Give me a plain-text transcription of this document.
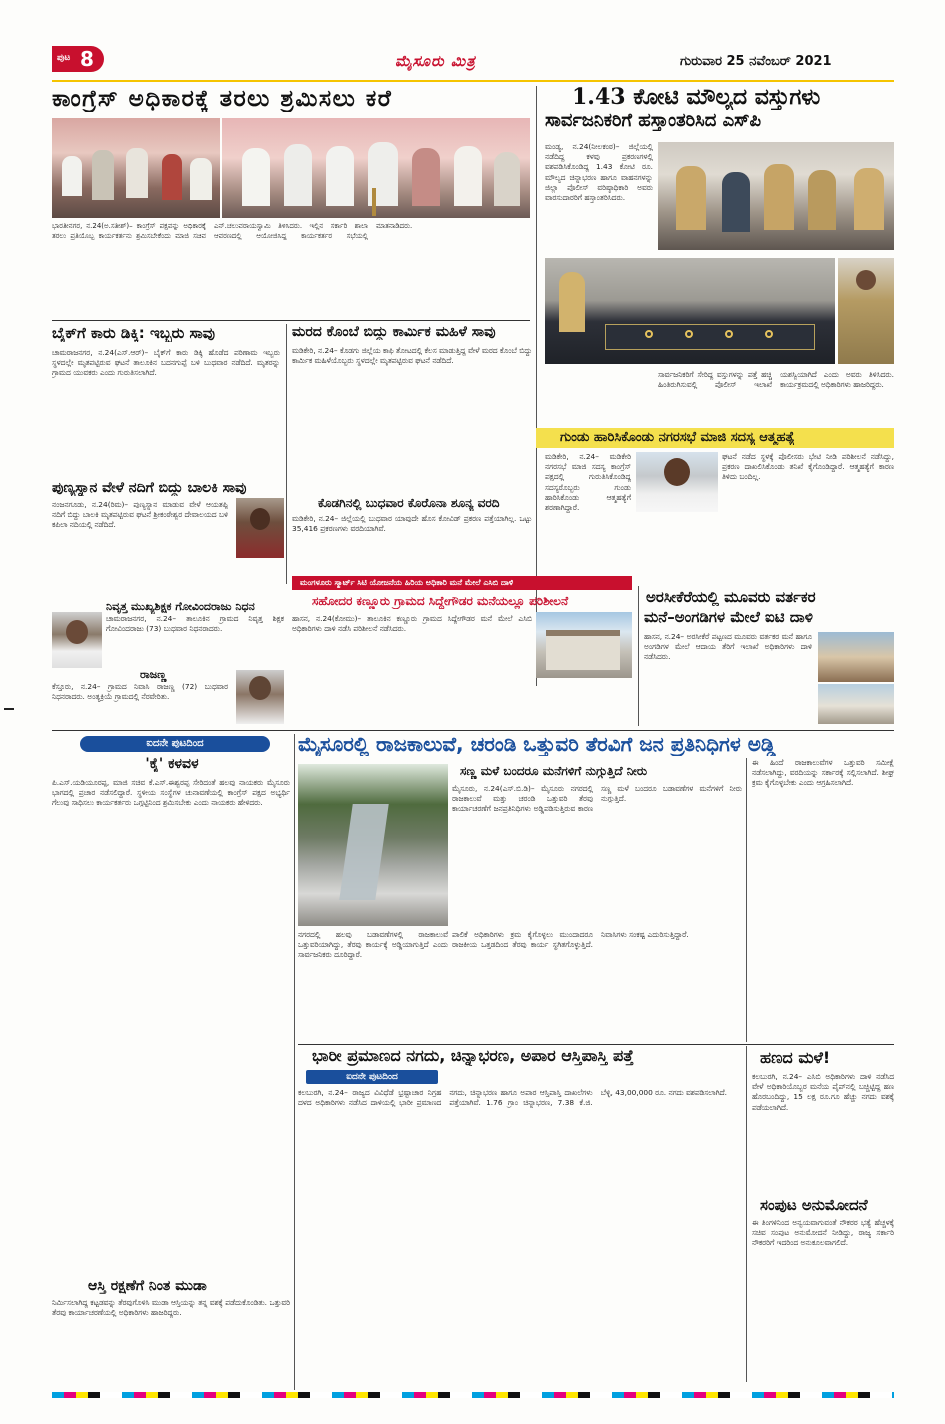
ಪುಟ 8	ಮೈಸೂರು ಮಿತ್ರ	ಗುರುವಾರ 25 ನವೆಂಬರ್ 2021
ಕಾಂಗ್ರೆಸ್ ಅಧಿಕಾರಕ್ಕೆ ತರಲು ಶ್ರಮಿಸಲು ಕರೆ
ಭಾರತೀನಗರ, ನ.24(ಅ.ಸತೀಶ್)– ಕಾಂಗ್ರೆಸ್ ಪಕ್ಷವನ್ನು ಅಧಿಕಾರಕ್ಕೆ ತರಲು ಪ್ರತಿಯೊಬ್ಬ ಕಾರ್ಯಕರ್ತನು ಶ್ರಮಿಸಬೇಕೆಂದು ಮಾಜಿ ಸಚಿವ ಎನ್.ಚಲುವರಾಯಸ್ವಾಮಿ ತಿಳಿಸಿದರು. ಇಲ್ಲಿನ ಸರ್ಕಾರಿ ಶಾಲಾ ಆವರಣದಲ್ಲಿ ಆಯೋಜಿಸಿದ್ದ ಕಾರ್ಯಕರ್ತರ ಸಭೆಯಲ್ಲಿ ಮಾತನಾಡಿದರು.
1.43 ಕೋಟಿ ಮೌಲ್ಯದ ವಸ್ತುಗಳು
ಸಾರ್ವಜನಿಕರಿಗೆ ಹಸ್ತಾಂತರಿಸಿದ ಎಸ್‌ಪಿ
ಮಂಡ್ಯ, ನ.24(ನೀಲಕಂಠ)– ಜಿಲ್ಲೆಯಲ್ಲಿ ನಡೆದಿದ್ದ ಕಳವು ಪ್ರಕರಣಗಳಲ್ಲಿ ವಶಪಡಿಸಿಕೊಂಡಿದ್ದ 1.43 ಕೋಟಿ ರೂ. ಮೌಲ್ಯದ ಚಿನ್ನಾಭರಣ ಹಾಗೂ ವಾಹನಗಳನ್ನು ಜಿಲ್ಲಾ ಪೊಲೀಸ್ ವರಿಷ್ಠಾಧಿಕಾರಿ ಅವರು ವಾರಸುದಾರರಿಗೆ ಹಸ್ತಾಂತರಿಸಿದರು.
ಸಾರ್ವಜನಿಕರಿಗೆ ಸೇರಿದ್ದ ವಸ್ತುಗಳನ್ನು ಪತ್ತೆ ಹಚ್ಚಿ ಹಿಂತಿರುಗಿಸುವಲ್ಲಿ ಪೊಲೀಸ್ ಇಲಾಖೆ ಯಶಸ್ವಿಯಾಗಿದೆ ಎಂದು ಅವರು ತಿಳಿಸಿದರು. ಕಾರ್ಯಕ್ರಮದಲ್ಲಿ ಅಧಿಕಾರಿಗಳು ಹಾಜರಿದ್ದರು.
ಬೈಕ್‌ಗೆ ಕಾರು ಡಿಕ್ಕಿ: ಇಬ್ಬರು ಸಾವು
ಚಾಮರಾಜನಗರ, ನ.24(ಎಸ್.ಆರ್)– ಬೈಕ್‌ಗೆ ಕಾರು ಡಿಕ್ಕಿ ಹೊಡೆದ ಪರಿಣಾಮ ಇಬ್ಬರು ಸ್ಥಳದಲ್ಲೇ ಮೃತಪಟ್ಟಿರುವ ಘಟನೆ ತಾಲೂಕಿನ ಬದನಗುಪ್ಪೆ ಬಳಿ ಬುಧವಾರ ನಡೆದಿದೆ. ಮೃತರನ್ನು ಗ್ರಾಮದ ಯುವಕರು ಎಂದು ಗುರುತಿಸಲಾಗಿದೆ.
ಮರದ ಕೊಂಬೆ ಬಿದ್ದು ಕಾರ್ಮಿಕ ಮಹಿಳೆ ಸಾವು
ಮಡಿಕೇರಿ, ನ.24– ಕೊಡಗು ಜಿಲ್ಲೆಯ ಕಾಫಿ ತೋಟದಲ್ಲಿ ಕೆಲಸ ಮಾಡುತ್ತಿದ್ದ ವೇಳೆ ಮರದ ಕೊಂಬೆ ಬಿದ್ದು ಕಾರ್ಮಿಕ ಮಹಿಳೆಯೊಬ್ಬರು ಸ್ಥಳದಲ್ಲೇ ಮೃತಪಟ್ಟಿರುವ ಘಟನೆ ನಡೆದಿದೆ.
ಪುಣ್ಯಸ್ನಾನ ವೇಳೆ ನದಿಗೆ ಬಿದ್ದು ಬಾಲಕಿ ಸಾವು
ನಂಜನಗೂಡು, ನ.24(ರಿಮ)– ಪುಣ್ಯಸ್ನಾನ ಮಾಡುವ ವೇಳೆ ಆಯತಪ್ಪಿ ನದಿಗೆ ಬಿದ್ದು ಬಾಲಕಿ ಮೃತಪಟ್ಟಿರುವ ಘಟನೆ ಶ್ರೀಕಂಠೇಶ್ವರ ದೇವಾಲಯದ ಬಳಿ ಕಪಿಲಾ ನದಿಯಲ್ಲಿ ನಡೆದಿದೆ.
ಕೊಡಗಿನಲ್ಲಿ ಬುಧವಾರ ಕೊರೊನಾ ಶೂನ್ಯ ವರದಿ
ಮಡಿಕೇರಿ, ನ.24– ಜಿಲ್ಲೆಯಲ್ಲಿ ಬುಧವಾರ ಯಾವುದೇ ಹೊಸ ಕೋವಿಡ್ ಪ್ರಕರಣ ಪತ್ತೆಯಾಗಿಲ್ಲ. ಒಟ್ಟು 35,416 ಪ್ರಕರಣಗಳು ವರದಿಯಾಗಿವೆ.
ಗುಂಡು ಹಾರಿಸಿಕೊಂಡು ನಗರಸಭೆ ಮಾಜಿ ಸದಸ್ಯ ಆತ್ಮಹತ್ಯೆ
ಮಡಿಕೇರಿ, ನ.24– ಮಡಿಕೇರಿ ನಗರಸಭೆ ಮಾಜಿ ಸದಸ್ಯ ಕಾಂಗ್ರೆಸ್ ಪಕ್ಷದಲ್ಲಿ ಗುರುತಿಸಿಕೊಂಡಿದ್ದ ಸದಸ್ಯರೊಬ್ಬರು ಗುಂಡು ಹಾರಿಸಿಕೊಂಡು ಆತ್ಮಹತ್ಯೆಗೆ ಶರಣಾಗಿದ್ದಾರೆ.
ಘಟನೆ ನಡೆದ ಸ್ಥಳಕ್ಕೆ ಪೊಲೀಸರು ಭೇಟಿ ನೀಡಿ ಪರಿಶೀಲನೆ ನಡೆಸಿದ್ದು, ಪ್ರಕರಣ ದಾಖಲಿಸಿಕೊಂಡು ತನಿಖೆ ಕೈಗೊಂಡಿದ್ದಾರೆ. ಆತ್ಮಹತ್ಯೆಗೆ ಕಾರಣ ತಿಳಿದು ಬಂದಿಲ್ಲ.
ನಿವೃತ್ತ ಮುಖ್ಯಶಿಕ್ಷಕ ಗೋವಿಂದರಾಜು ನಿಧನ
ಚಾಮರಾಜನಗರ, ನ.24– ತಾಲೂಕಿನ ಗ್ರಾಮದ ನಿವೃತ್ತ ಶಿಕ್ಷಕ ಗೋವಿಂದರಾಜು (73) ಬುಧವಾರ ನಿಧನರಾದರು.
ರಾಜಣ್ಣ
ಕೆಸ್ತೂರು, ನ.24– ಗ್ರಾಮದ ನಿವಾಸಿ ರಾಜಣ್ಣ (72) ಬುಧವಾರ ನಿಧನರಾದರು. ಅಂತ್ಯಕ್ರಿಯೆ ಗ್ರಾಮದಲ್ಲಿ ನೆರವೇರಿತು.
ಮಂಗಳೂರು ಸ್ಮಾರ್ಟ್ ಸಿಟಿ ಯೋಜನೆಯ ಹಿರಿಯ ಅಧಿಕಾರಿ ಮನೆ ಮೇಲೆ ಎಸಿಬಿ ದಾಳಿ
ಸಹೋದರ ಕಣ್ಣೂರು ಗ್ರಾಮದ ಸಿದ್ದೇಗೌಡರ ಮನೆಯಲ್ಲೂ ಪರಿಶೀಲನೆ
ಹಾಸನ, ನ.24(ಕೋಮು)– ತಾಲೂಕಿನ ಕಣ್ಣೂರು ಗ್ರಾಮದ ಸಿದ್ದೇಗೌಡರ ಮನೆ ಮೇಲೆ ಎಸಿಬಿ ಅಧಿಕಾರಿಗಳು ದಾಳಿ ನಡೆಸಿ ಪರಿಶೀಲನೆ ನಡೆಸಿದರು.
ಅರಸೀಕೆರೆಯಲ್ಲಿ ಮೂವರು ವರ್ತಕರ
ಮನೆ–ಅಂಗಡಿಗಳ ಮೇಲೆ ಐಟಿ ದಾಳಿ
ಹಾಸನ, ನ.24– ಅರಸೀಕೆರೆ ಪಟ್ಟಣದ ಮೂವರು ವರ್ತಕರ ಮನೆ ಹಾಗೂ ಅಂಗಡಿಗಳ ಮೇಲೆ ಆದಾಯ ತೆರಿಗೆ ಇಲಾಖೆ ಅಧಿಕಾರಿಗಳು ದಾಳಿ ನಡೆಸಿದರು.
ಐದನೇ ಪುಟದಿಂದ
'ಕೈ' ಕಳವಳ
ಪಿ.ಎಸ್.ಯಡಿಯೂರಪ್ಪ, ಮಾಜಿ ಸಚಿವ ಕೆ.ಎಸ್.ಈಶ್ವರಪ್ಪ ಸೇರಿದಂತೆ ಹಲವು ನಾಯಕರು ಮೈಸೂರು ಭಾಗದಲ್ಲಿ ಪ್ರಚಾರ ನಡೆಸಲಿದ್ದಾರೆ. ಸ್ಥಳೀಯ ಸಂಸ್ಥೆಗಳ ಚುನಾವಣೆಯಲ್ಲಿ ಕಾಂಗ್ರೆಸ್ ಪಕ್ಷದ ಅಭ್ಯರ್ಥಿ ಗೆಲುವು ಸಾಧಿಸಲು ಕಾರ್ಯಕರ್ತರು ಒಗ್ಗಟ್ಟಿನಿಂದ ಶ್ರಮಿಸಬೇಕು ಎಂದು ನಾಯಕರು ಹೇಳಿದರು.
ಆಸ್ತಿ ರಕ್ಷಣೆಗೆ ನಿಂತ ಮುಡಾ
ನಿರ್ಮಿಸಲಾಗಿದ್ದ ಕಟ್ಟಡವನ್ನು ತೆರವುಗೊಳಿಸಿ ಮುಡಾ ಆಸ್ತಿಯನ್ನು ತನ್ನ ವಶಕ್ಕೆ ಪಡೆದುಕೊಂಡಿತು. ಒತ್ತುವರಿ ತೆರವು ಕಾರ್ಯಾಚರಣೆಯಲ್ಲಿ ಅಧಿಕಾರಿಗಳು ಹಾಜರಿದ್ದರು.
ಮೈಸೂರಲ್ಲಿ ರಾಜಕಾಲುವೆ, ಚರಂಡಿ ಒತ್ತುವರಿ ತೆರವಿಗೆ ಜನ ಪ್ರತಿನಿಧಿಗಳ ಅಡ್ಡಿ
ಸಣ್ಣ ಮಳೆ ಬಂದರೂ ಮನೆಗಳಿಗೆ ನುಗ್ಗುತ್ತಿದೆ ನೀರು
ಮೈಸೂರು, ನ.24(ಎಸ್.ಬಿ.ಡಿ)– ಮೈಸೂರು ನಗರದಲ್ಲಿ ರಾಜಕಾಲುವೆ ಮತ್ತು ಚರಂಡಿ ಒತ್ತುವರಿ ತೆರವು ಕಾರ್ಯಾಚರಣೆಗೆ ಜನಪ್ರತಿನಿಧಿಗಳು ಅಡ್ಡಿಪಡಿಸುತ್ತಿರುವ ಕಾರಣ ಸಣ್ಣ ಮಳೆ ಬಂದರೂ ಬಡಾವಣೆಗಳ ಮನೆಗಳಿಗೆ ನೀರು ನುಗ್ಗುತ್ತಿದೆ.
ನಗರದಲ್ಲಿ ಹಲವು ಬಡಾವಣೆಗಳಲ್ಲಿ ರಾಜಕಾಲುವೆ ಒತ್ತುವರಿಯಾಗಿದ್ದು, ತೆರವು ಕಾರ್ಯಕ್ಕೆ ಅಡ್ಡಿಯಾಗುತ್ತಿದೆ ಎಂದು ಸಾರ್ವಜನಿಕರು ದೂರಿದ್ದಾರೆ.
ಪಾಲಿಕೆ ಅಧಿಕಾರಿಗಳು ಕ್ರಮ ಕೈಗೊಳ್ಳಲು ಮುಂದಾದರೂ ರಾಜಕೀಯ ಒತ್ತಡದಿಂದ ತೆರವು ಕಾರ್ಯ ಸ್ಥಗಿತಗೊಳ್ಳುತ್ತಿದೆ. ನಿವಾಸಿಗಳು ಸಂಕಷ್ಟ ಎದುರಿಸುತ್ತಿದ್ದಾರೆ.
ಈ ಹಿಂದೆ ರಾಜಕಾಲುವೆಗಳ ಒತ್ತುವರಿ ಸಮೀಕ್ಷೆ ನಡೆಸಲಾಗಿದ್ದು, ವರದಿಯನ್ನು ಸರ್ಕಾರಕ್ಕೆ ಸಲ್ಲಿಸಲಾಗಿದೆ. ಶೀಘ್ರ ಕ್ರಮ ಕೈಗೊಳ್ಳಬೇಕು ಎಂದು ಆಗ್ರಹಿಸಲಾಗಿದೆ.
ಭಾರೀ ಪ್ರಮಾಣದ ನಗದು, ಚಿನ್ನಾಭರಣ, ಅಪಾರ ಆಸ್ತಿಪಾಸ್ತಿ ಪತ್ತೆ
ಐದನೇ ಪುಟದಿಂದ
ಕಲಬುರಗಿ, ನ.24– ರಾಜ್ಯದ ವಿವಿಧೆಡೆ ಭ್ರಷ್ಟಾಚಾರ ನಿಗ್ರಹ ದಳದ ಅಧಿಕಾರಿಗಳು ನಡೆಸಿದ ದಾಳಿಯಲ್ಲಿ ಭಾರೀ ಪ್ರಮಾಣದ ನಗದು, ಚಿನ್ನಾಭರಣ ಹಾಗೂ ಅಪಾರ ಆಸ್ತಿಪಾಸ್ತಿ ದಾಖಲೆಗಳು ಪತ್ತೆಯಾಗಿವೆ. 1.76 ಗ್ರಾಂ ಚಿನ್ನಾಭರಣ, 7.38 ಕೆ.ಜಿ. ಬೆಳ್ಳಿ, 43,00,000 ರೂ. ನಗದು ವಶಪಡಿಸಲಾಗಿದೆ.
ಹಣದ ಮಳೆ!
ಕಲಬುರಗಿ, ನ.24– ಎಸಿಬಿ ಅಧಿಕಾರಿಗಳು ದಾಳಿ ನಡೆಸಿದ ವೇಳೆ ಅಧಿಕಾರಿಯೊಬ್ಬರ ಮನೆಯ ಪೈಪ್‌ನಲ್ಲಿ ಬಚ್ಚಿಟ್ಟಿದ್ದ ಹಣ ಹೊರಬಂದಿದ್ದು, 15 ಲಕ್ಷ ರೂ.ಗೂ ಹೆಚ್ಚು ನಗದು ವಶಕ್ಕೆ ಪಡೆಯಲಾಗಿದೆ.
ಸಂಪುಟ ಅನುಮೋದನೆ
ಈ ತಿಂಗಳಿನಿಂದ ಅನ್ವಯವಾಗುವಂತೆ ನೌಕರರ ಭತ್ಯೆ ಹೆಚ್ಚಳಕ್ಕೆ ಸಚಿವ ಸಂಪುಟ ಅನುಮೋದನೆ ನೀಡಿದ್ದು, ರಾಜ್ಯ ಸರ್ಕಾರಿ ನೌಕರರಿಗೆ ಇದರಿಂದ ಅನುಕೂಲವಾಗಲಿದೆ.
